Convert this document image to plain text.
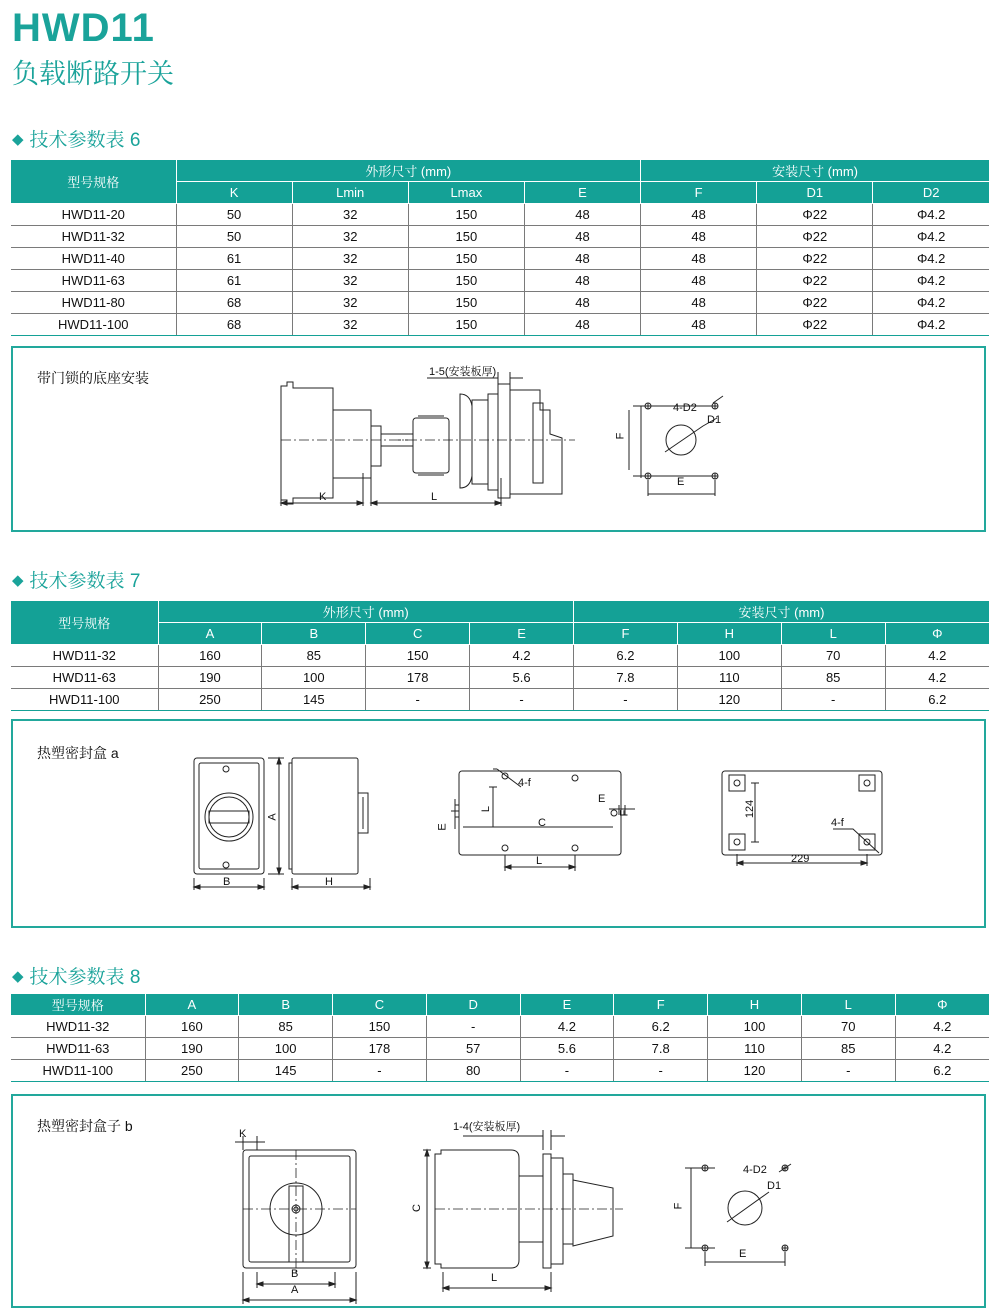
HWD11
负载断路开关
◆ 技术参数表 6
型号规格	外形尺寸 (mm)				安装尺寸 (mm)		
	K	Lmin	Lmax	E	F	D1	D2
HWD11-20	50	32	150	48	48	Φ22	Φ4.2
HWD11-32	50	32	150	48	48	Φ22	Φ4.2
HWD11-40	61	32	150	48	48	Φ22	Φ4.2
HWD11-63	61	32	150	48	48	Φ22	Φ4.2
HWD11-80	68	32	150	48	48	Φ22	Φ4.2
HWD11-100	68	32	150	48	48	Φ22	Φ4.2
带门锁的底座安装	1-5(安装板厚)
K	L
F
E
4-D2
D1
◆ 技术参数表 7
型号规格	外形尺寸 (mm)				安装尺寸 (mm)			
	A	B	C	E	F	H	L	Φ
HWD11-32	160	85	150	4.2	6.2	100	70	4.2
HWD11-63	190	100	178	5.6	7.8	110	85	4.2
HWD11-100	250	145	-	-	-	120	-	6.2
热塑密封盒 a
B
A
H
4-f
L
C
L
E
E
F	124
229
4-f
◆ 技术参数表 8
型号规格	A	B	C	D	E	F	H	L	Φ
HWD11-32	160	85	150	-	4.2	6.2	100	70	4.2
HWD11-63	190	100	178	57	5.6	7.8	110	85	4.2
HWD11-100	250	145	-	80	-	-	120	-	6.2
热塑密封盒子 b	K
B
A
C
L
1-4(安装板厚)
F
E
4-D2
D1
